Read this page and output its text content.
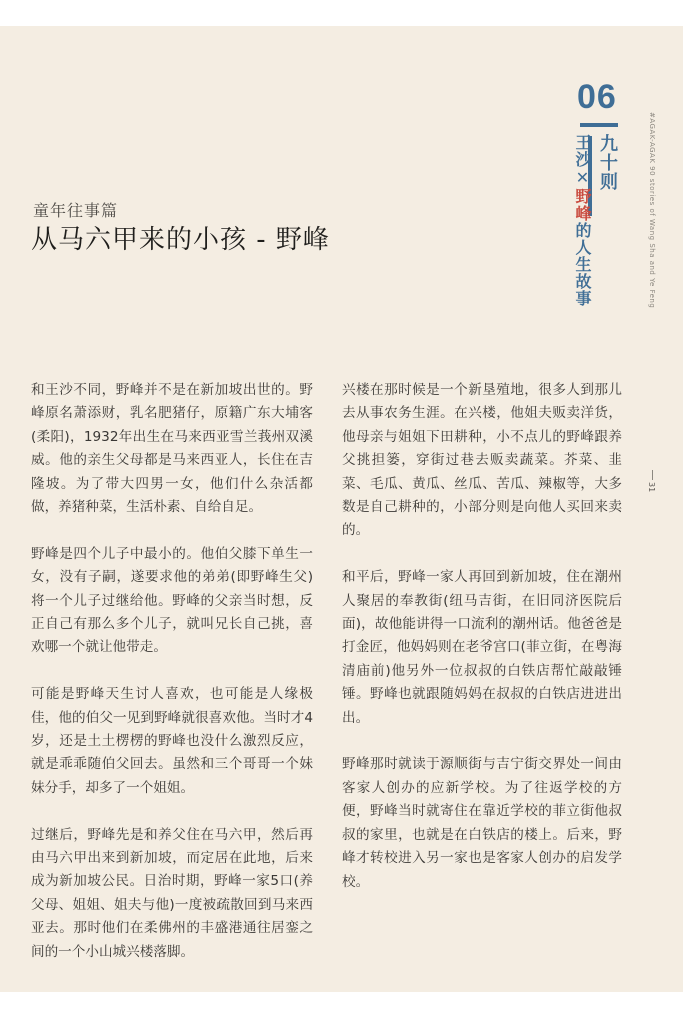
06
九十则
王沙✕野峰的人生故事	#AGAK-AGAK 90 stories of Wang Sha and Ye Feng
31
童年往事篇
从马六甲来的小孩 - 野峰

和王沙不同，野峰并不是在新加坡出世的。野峰原名萧添财，乳名肥猪仔，原籍广东大埔客(柔阳)，1932年出生在马来西亚雪兰莪州双溪威。他的亲生父母都是马来西亚人，长住在吉隆坡。为了带大四男一女，他们什么杂活都做，养猪种菜，生活朴素、自给自足。

野峰是四个儿子中最小的。他伯父膝下单生一女，没有子嗣，遂要求他的弟弟(即野峰生父)将一个儿子过继给他。野峰的父亲当时想，反正自己有那么多个儿子，就叫兄长自己挑，喜欢哪一个就让他带走。

可能是野峰天生讨人喜欢，也可能是人缘极佳，他的伯父一见到野峰就很喜欢他。当时才4岁，还是土土楞楞的野峰也没什么激烈反应，就是乖乖随伯父回去。虽然和三个哥哥一个妹妹分手，却多了一个姐姐。

过继后，野峰先是和养父住在马六甲，然后再由马六甲出来到新加坡，而定居在此地，后来成为新加坡公民。日治时期，野峰一家5口(养父母、姐姐、姐夫与他)一度被疏散回到马来西亚去。那时他们在柔佛州的丰盛港通往居銮之间的一个小山城兴楼落脚。

兴楼在那时候是一个新垦殖地，很多人到那儿去从事农务生涯。在兴楼，他姐夫贩卖洋货，他母亲与姐姐下田耕种，小不点儿的野峰跟养父挑担篓，穿街过巷去贩卖蔬菜。芥菜、韭菜、毛瓜、黄瓜、丝瓜、苦瓜、辣椒等，大多数是自己耕种的，小部分则是向他人买回来卖的。

和平后，野峰一家人再回到新加坡，住在潮州人聚居的奉教街(纽马吉街，在旧同济医院后面)，故他能讲得一口流利的潮州话。他爸爸是打金匠，他妈妈则在老爷宫口(菲立街，在粤海清庙前)他另外一位叔叔的白铁店帮忙敲敲锤锤。野峰也就跟随妈妈在叔叔的白铁店进进出出。

野峰那时就读于源顺街与吉宁街交界处一间由客家人创办的应新学校。为了往返学校的方便，野峰当时就寄住在靠近学校的菲立街他叔叔的家里，也就是在白铁店的楼上。后来，野峰才转校进入另一家也是客家人创办的启发学校。
